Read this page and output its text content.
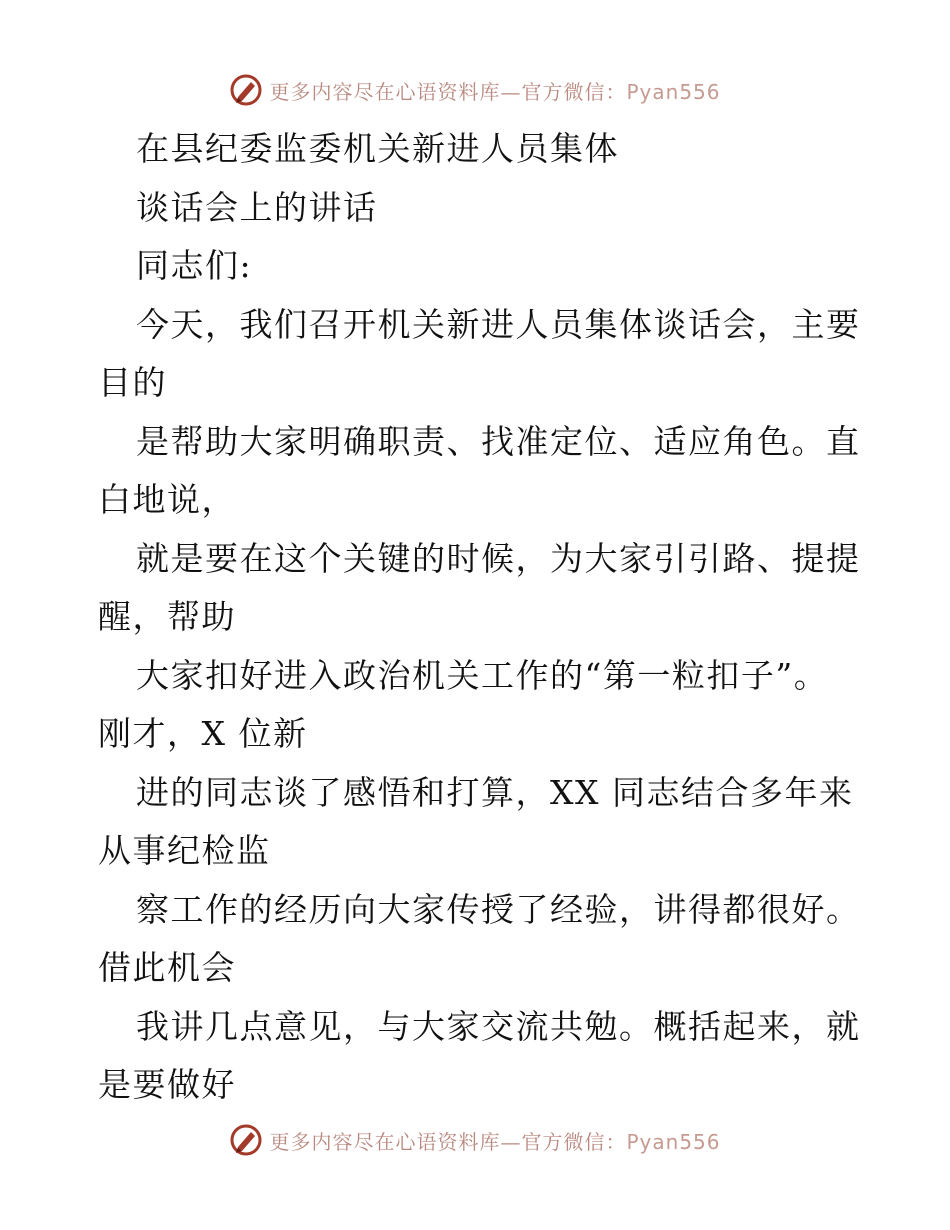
更多内容尽在心语资料库—官方微信：Pyan556
在县纪委监委机关新进人员集体
谈话会上的讲话
同志们:
今天，我们召开机关新进人员集体谈话会，主要
目的
是帮助大家明确职责、找准定位、适应角色。直
白地说，
就是要在这个关键的时候，为大家引引路、提提
醒，帮助
大家扣好进入政治机关工作的“第一粒扣子”。
刚才，X 位新
进的同志谈了感悟和打算，XX 同志结合多年来
从事纪检监
察工作的经历向大家传授了经验，讲得都很好。
借此机会
我讲几点意见，与大家交流共勉。概括起来，就
是要做好
更多内容尽在心语资料库—官方微信：Pyan556
